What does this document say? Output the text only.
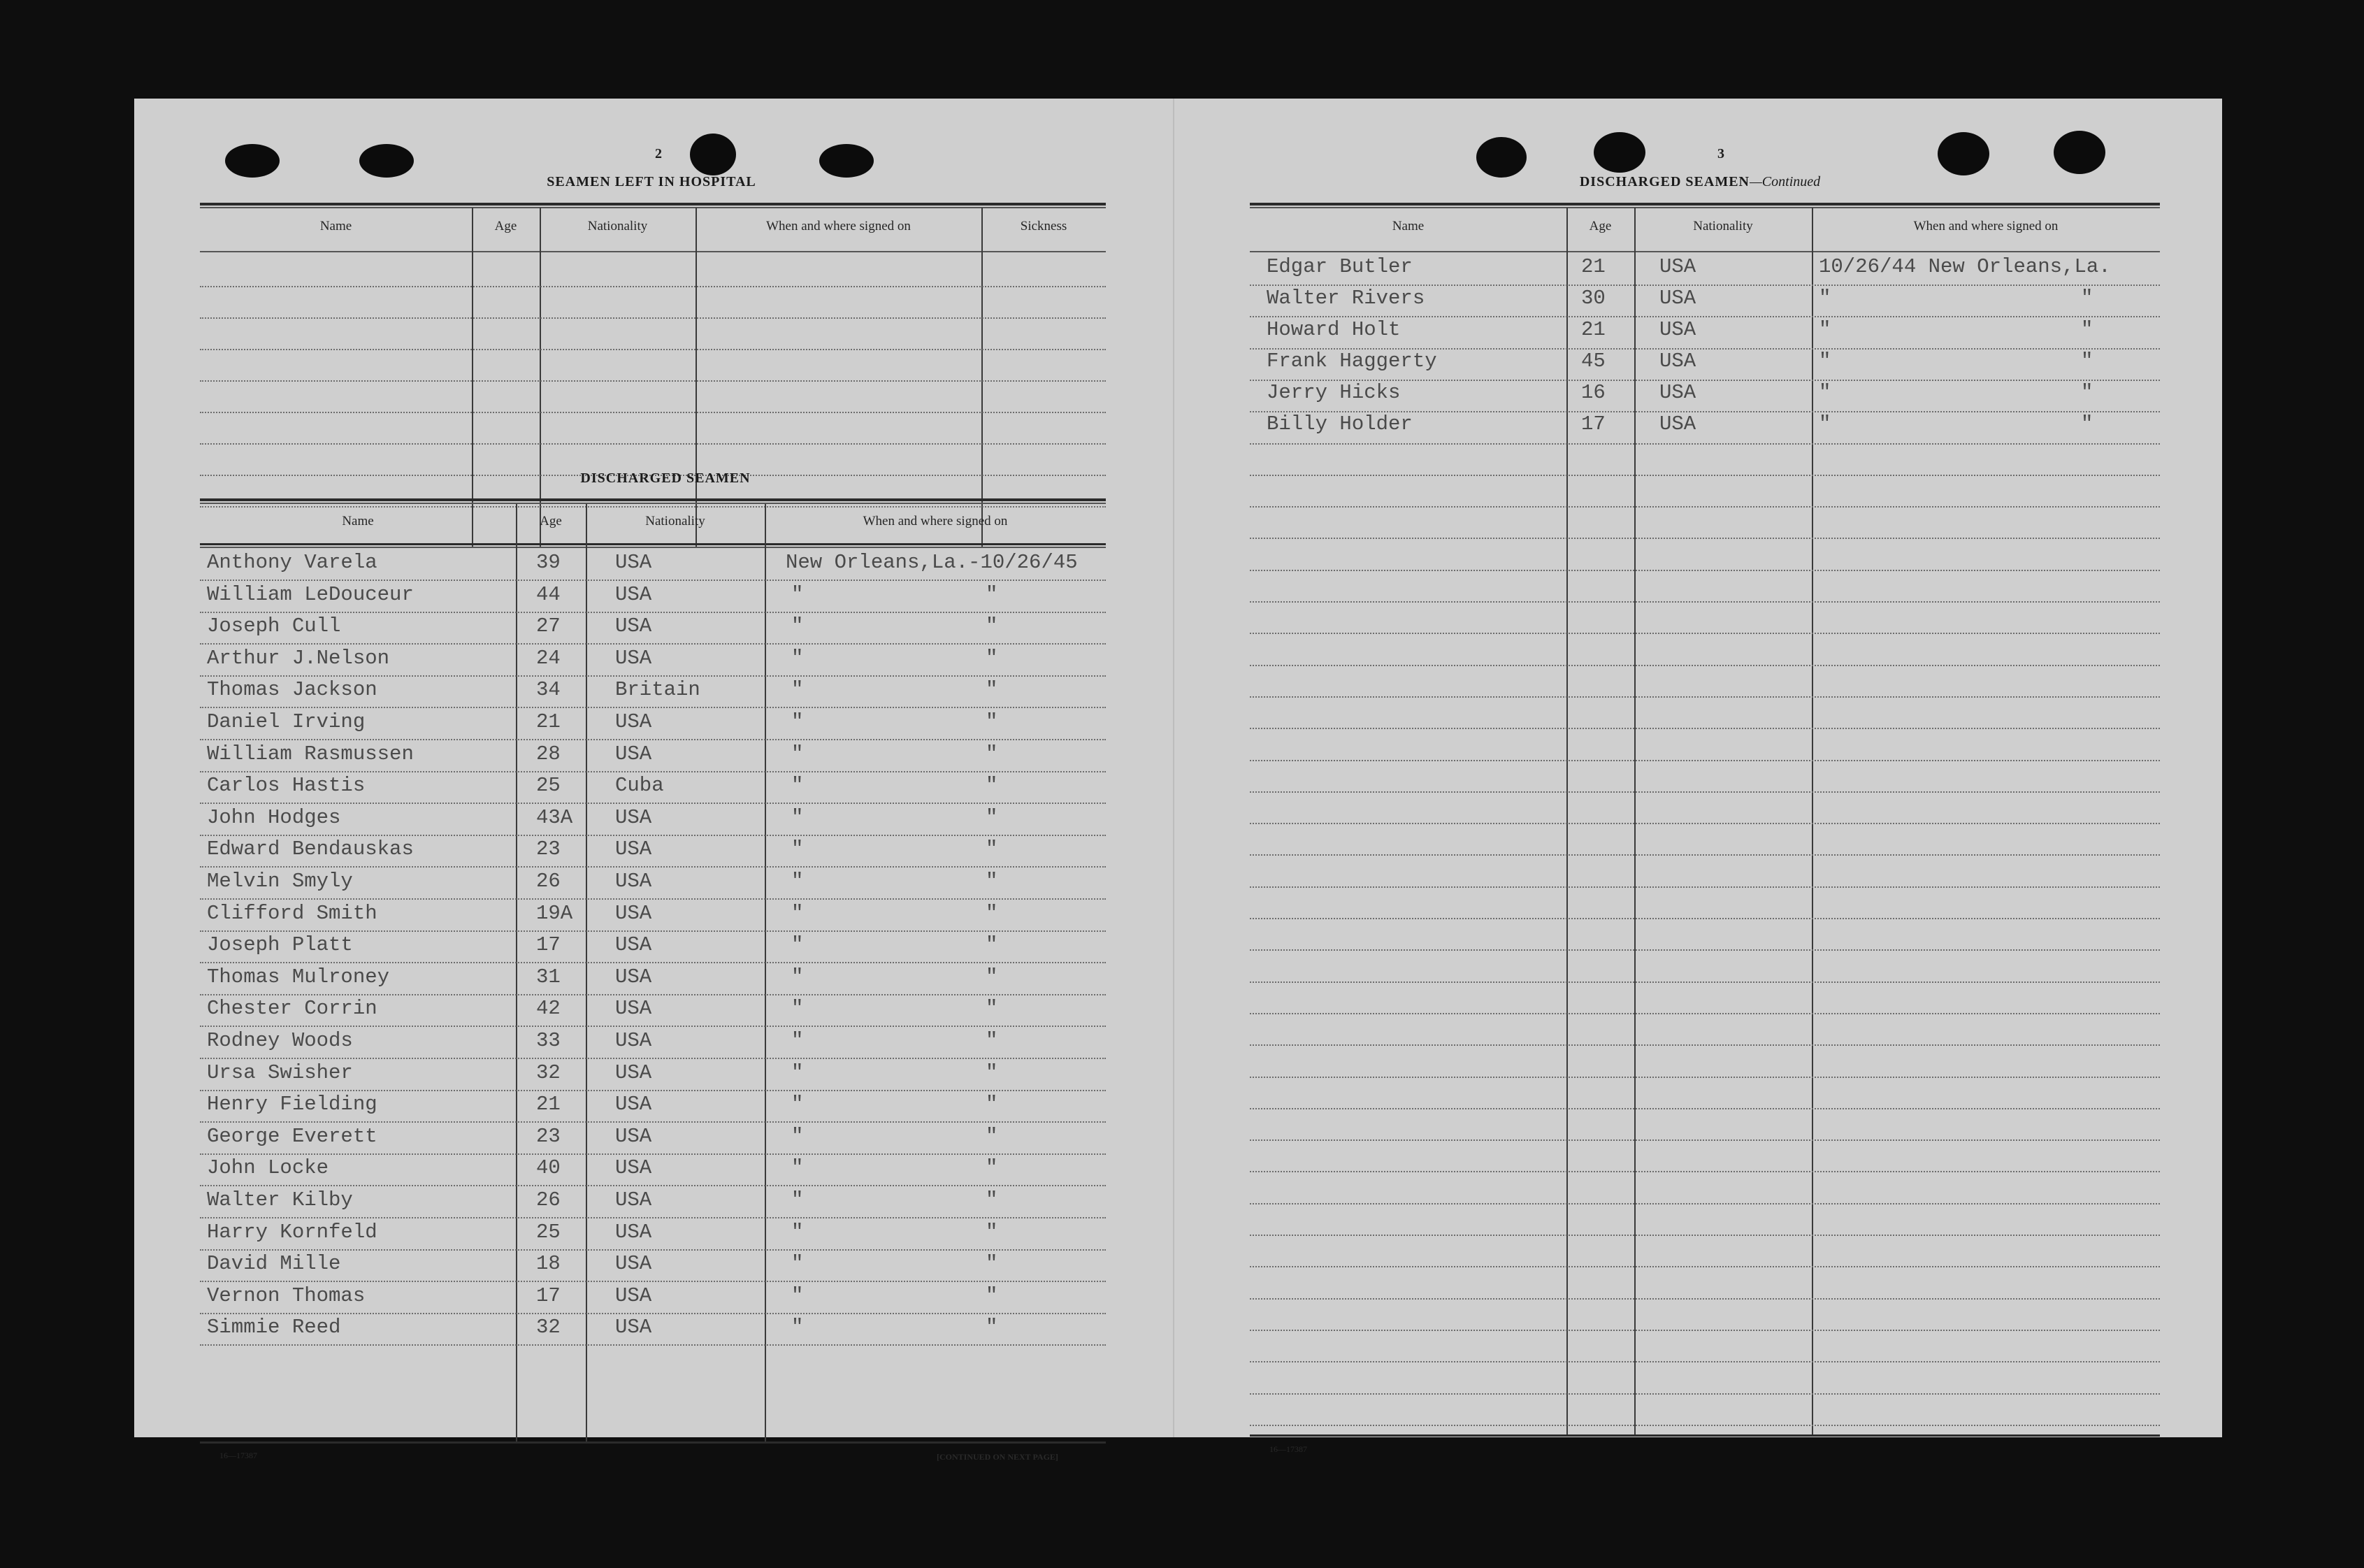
2
SEAMEN LEFT IN HOSPITAL
Name	Age	Nationality	When and where signed on	Sickness
DISCHARGED SEAMEN
Name	Age	Nationality	When and where signed on
Anthony Varela	39	USA	New Orleans,La.-10/26/45
William LeDouceur	44	USA	"	"
Joseph Cull	27	USA	"	"
Arthur J.Nelson	24	USA	"	"
Thomas Jackson	34	Britain	"	"
Daniel Irving	21	USA	"	"
William Rasmussen	28	USA	"	"
Carlos Hastis	25	Cuba	"	"
John Hodges	43A USA	"	"
Edward Bendauskas	23	USA	"	"
Melvin Smyly	26	USA	"	"
Clifford Smith	19A USA	"	"
Joseph Platt	17	USA	"	"
Thomas Mulroney	31	USA	"	"
Chester Corrin	42	USA	"	"
Rodney Woods	33	USA	"	"
Ursa Swisher	32	USA	"	"
Henry Fielding	21	USA	"	"
George Everett	23	USA	"	"
John Locke	40	USA	"	"
Walter Kilby	26	USA	"	"
Harry Kornfeld	25	USA	"	"
David Mille	18	USA	"	"
Vernon Thomas	17	USA	"	"
Simmie Reed	32	USA	"	"
16—17387	[CONTINUED ON NEXT PAGE]
3
DISCHARGED SEAMEN—Continued
Name	Age	Nationality	When and where signed on
Edgar Butler	21	USA	10/26/44 New Orleans,La.
Walter Rivers	30	USA	"	"
Howard Holt	21	USA	"	"
Frank Haggerty	45	USA	"	"
Jerry Hicks	16	USA	"	"
Billy Holder	17	USA	"	"
16—17387
